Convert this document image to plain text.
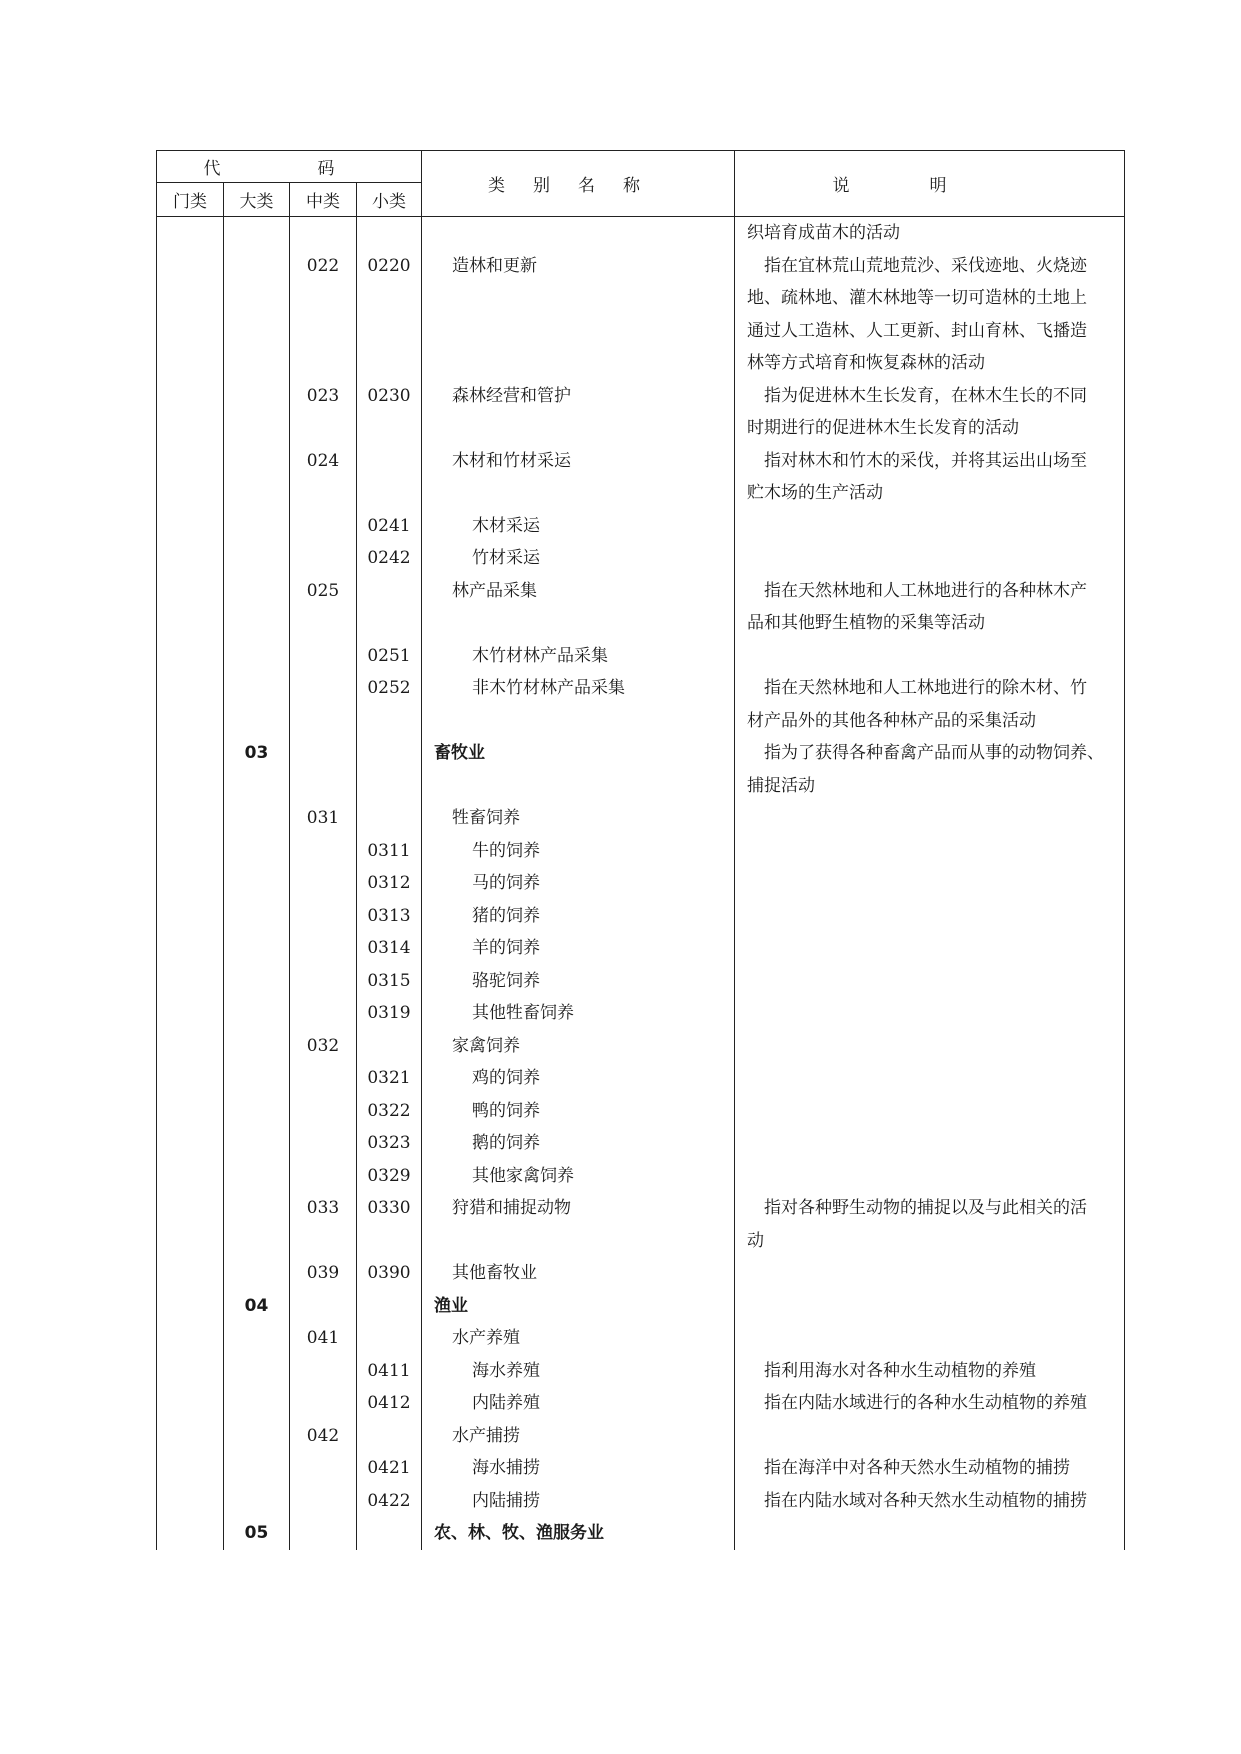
代　码				类别名称	说明
门类	大类	中类	小类		

					织培育成苗木的活动

		022	0220	造林和更新	指在宜林荒山荒地荒沙、采伐迹地、火烧迹
地、疏林地、灌木林地等一切可造林的土地上
通过人工造林、人工更新、封山育林、飞播造
林等方式培育和恢复森林的活动

		023	0230	森林经营和管护	指为促进林木生长发育，在林木生长的不同
时期进行的促进林木生长发育的活动

		024		木材和竹材采运	指对林木和竹木的采伐，并将其运出山场至
贮木场的生产活动

			0241	木材采运	
			0242	竹材采运	
		025		林产品采集	指在天然林地和人工林地进行的各种林木产
品和其他野生植物的采集等活动

			0251	木竹材林产品采集	
			0252	非木竹材林产品采集	指在天然林地和人工林地进行的除木材、竹
材产品外的其他各种林产品的采集活动

	03			畜牧业	指为了获得各种畜禽产品而从事的动物饲养、
捕捉活动

		031		牲畜饲养	
			0311	牛的饲养	
			0312	马的饲养	
			0313	猪的饲养	
			0314	羊的饲养	
			0315	骆驼饲养	
			0319	其他牲畜饲养	
		032		家禽饲养	
			0321	鸡的饲养	
			0322	鸭的饲养	
			0323	鹅的饲养	
			0329	其他家禽饲养	
		033	0330	狩猎和捕捉动物	指对各种野生动物的捕捉以及与此相关的活
动

		039	0390	其他畜牧业	
	04			渔业	
		041		水产养殖	
			0411	海水养殖	指利用海水对各种水生动植物的养殖

			0412	内陆养殖	指在内陆水域进行的各种水生动植物的养殖

		042		水产捕捞	
			0421	海水捕捞	指在海洋中对各种天然水生动植物的捕捞

			0422	内陆捕捞	指在内陆水域对各种天然水生动植物的捕捞

	05			农、林、牧、渔服务业	
